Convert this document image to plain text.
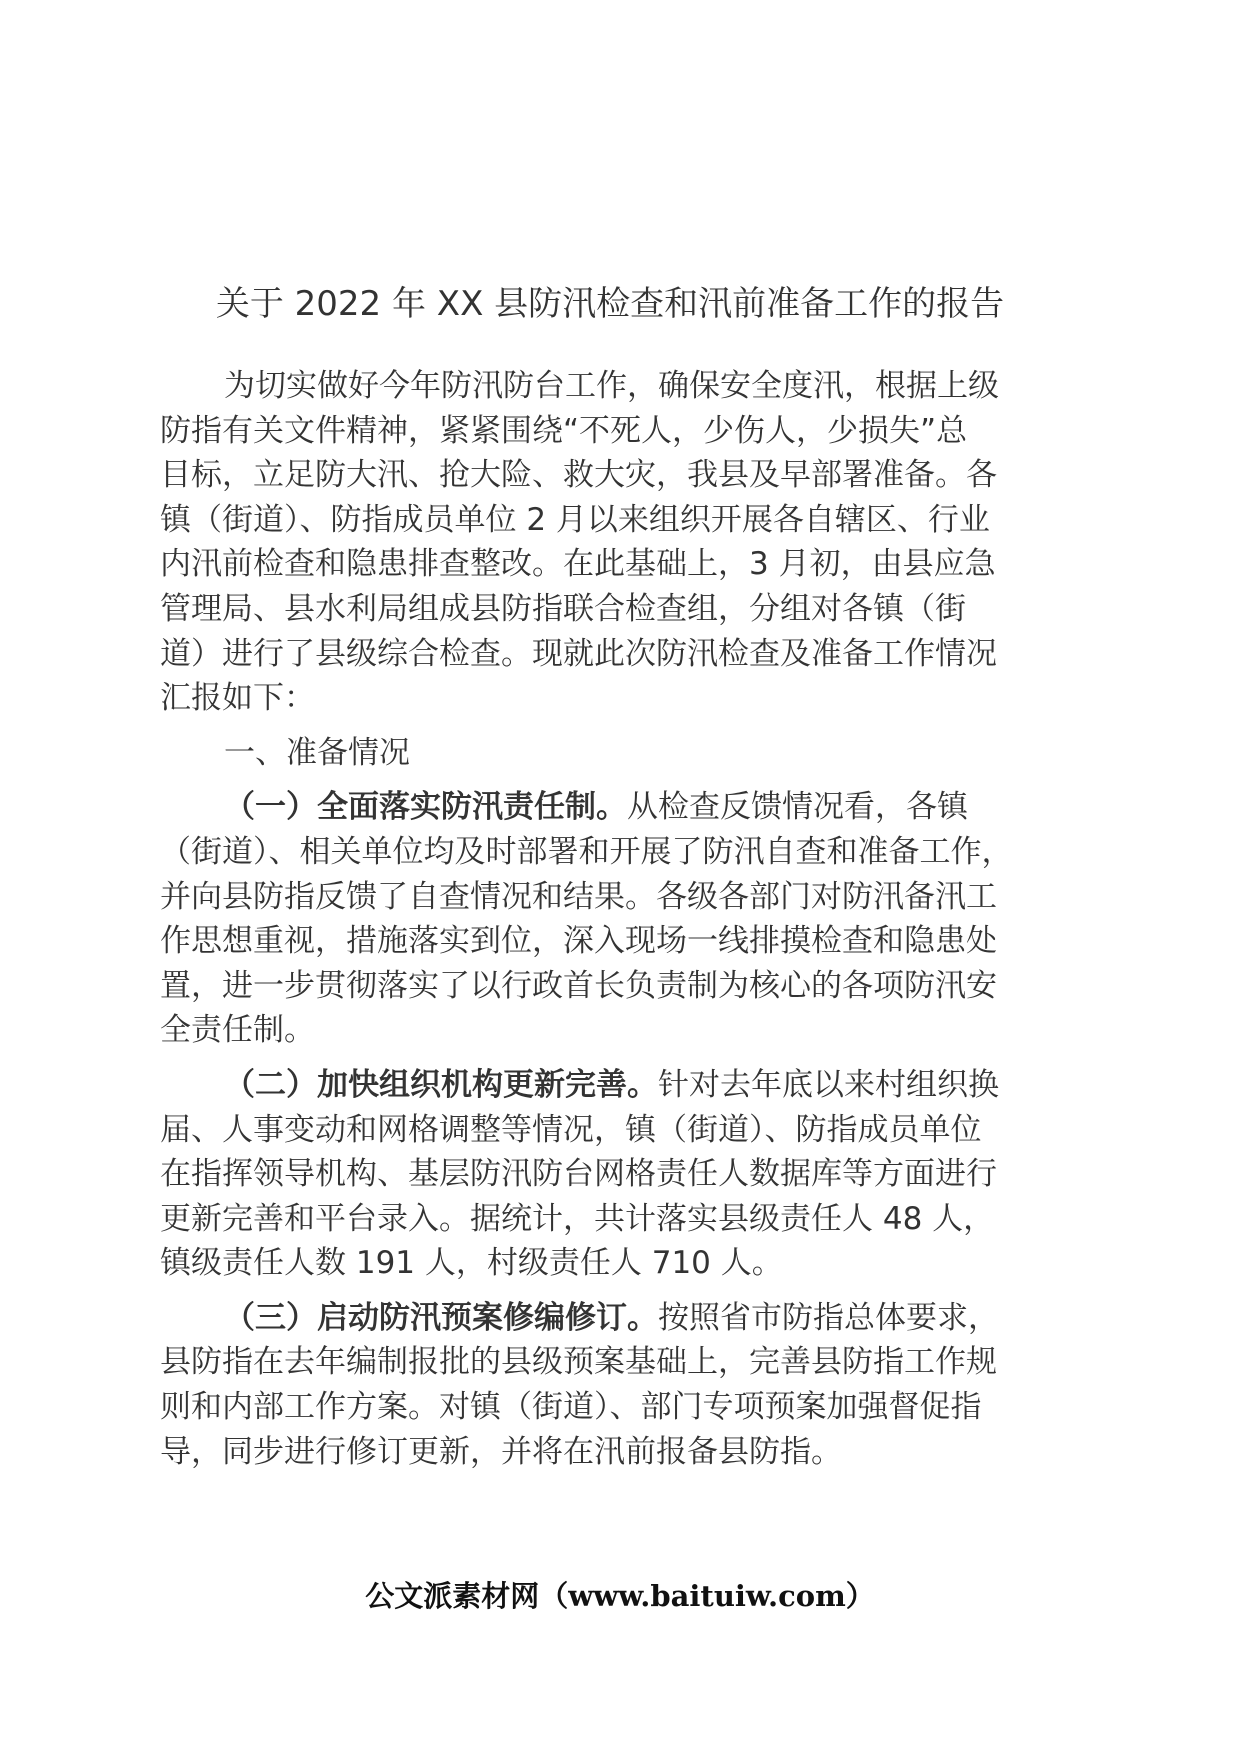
关于 2022 年 XX 县防汛检查和汛前准备工作的报告
为切实做好今年防汛防台工作，确保安全度汛，根据上级
防指有关文件精神，紧紧围绕“不死人，少伤人，少损失”总
目标，立足防大汛、抢大险、救大灾，我县及早部署准备。各
镇（街道）、防指成员单位 2 月以来组织开展各自辖区、行业
内汛前检查和隐患排查整改。在此基础上，3 月初，由县应急
管理局、县水利局组成县防指联合检查组，分组对各镇（街
道）进行了县级综合检查。现就此次防汛检查及准备工作情况
汇报如下：
一、准备情况
（一）全面落实防汛责任制。从检查反馈情况看，各镇
（街道）、相关单位均及时部署和开展了防汛自查和准备工作，
并向县防指反馈了自查情况和结果。各级各部门对防汛备汛工
作思想重视，措施落实到位，深入现场一线排摸检查和隐患处
置，进一步贯彻落实了以行政首长负责制为核心的各项防汛安
全责任制。
（二）加快组织机构更新完善。针对去年底以来村组织换
届、人事变动和网格调整等情况，镇（街道）、防指成员单位
在指挥领导机构、基层防汛防台网格责任人数据库等方面进行
更新完善和平台录入。据统计，共计落实县级责任人 48 人，
镇级责任人数 191 人，村级责任人 710 人。
（三）启动防汛预案修编修订。按照省市防指总体要求，
县防指在去年编制报批的县级预案基础上，完善县防指工作规
则和内部工作方案。对镇（街道）、部门专项预案加强督促指
导，同步进行修订更新，并将在汛前报备县防指。
公文派素材网（www.baituiw.com）
